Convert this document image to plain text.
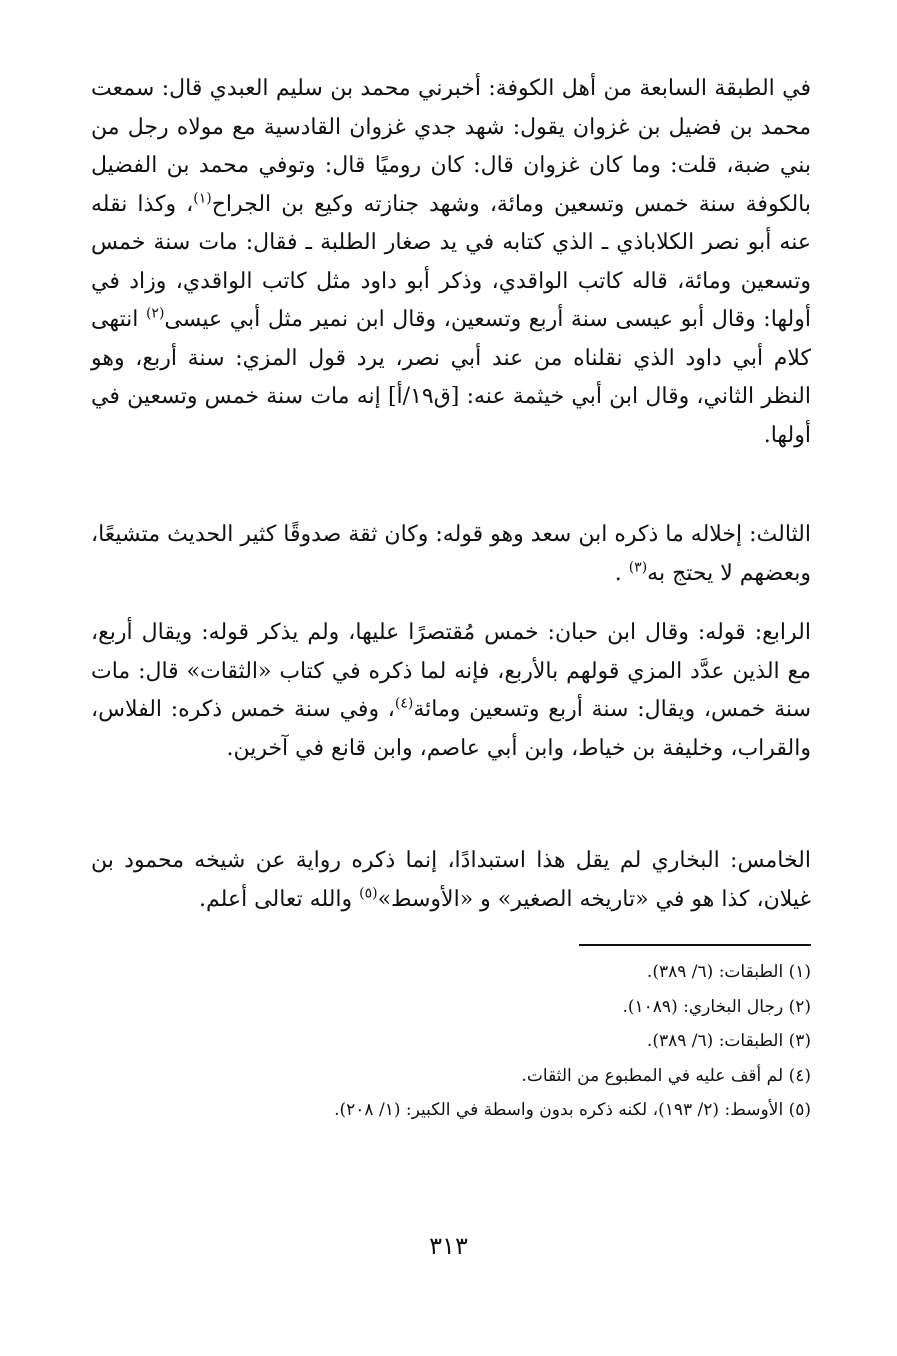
في الطبقة السابعة من أهل الكوفة: أخبرني محمد بن سليم العبدي قال: سمعت محمد بن فضيل بن غزوان يقول: شهد جدي غزوان القادسية مع مولاه رجل من بني ضبة، قلت: وما كان غزوان قال: كان روميًا قال: وتوفي محمد بن الفضيل بالكوفة سنة خمس وتسعين ومائة، وشهد جنازته وكيع بن الجراح$^{(١)}$، وكذا نقله عنه أبو نصر الكلاباذي ـ الذي كتابه في يد صغار الطلبة ـ فقال: مات سنة خمس وتسعين ومائة، قاله كاتب الواقدي، وذكر أبو داود مثل كاتب الواقدي، وزاد في أولها: وقال أبو عيسى سنة أربع وتسعين، وقال ابن نمير مثل أبي عيسى$^{(٢)}$ انتهى كلام أبي داود الذي نقلناه من عند أبي نصر، يرد قول المزي: سنة أربع، وهو النظر الثاني، وقال ابن أبي خيثمة عنه: [ق١٩/أ] إنه مات سنة خمس وتسعين في أولها.

الثالث: إخلاله ما ذكره ابن سعد وهو قوله: وكان ثقة صدوقًا كثير الحديث متشيعًا، وبعضهم لا يحتج به$^{(٣)}$ .

الرابع: قوله: وقال ابن حبان: خمس مُقتصرًا عليها، ولم يذكر قوله: ويقال أربع، مع الذين عدَّد المزي قولهم بالأربع، فإنه لما ذكره في كتاب «الثقات» قال: مات سنة خمس، ويقال: سنة أربع وتسعين ومائة$^{(٤)}$، وفي سنة خمس ذكره: الفلاس، والقراب، وخليفة بن خياط، وابن أبي عاصم، وابن قانع في آخرين.

الخامس: البخاري لم يقل هذا استبدادًا، إنما ذكره رواية عن شيخه محمود بن غيلان، كذا هو في «تاريخه الصغير» و «الأوسط»$^{(٥)}$ والله تعالى أعلم.

(١) الطبقات: (٦/ ٣٨٩).

(٢) رجال البخاري: (١٠٨٩).

(٣) الطبقات: (٦/ ٣٨٩).

(٤) لم أقف عليه في المطبوع من الثقات.

(٥) الأوسط: (٢/ ١٩٣)، لكنه ذكره بدون واسطة في الكبير: (١/ ٢٠٨).

٣١٣
